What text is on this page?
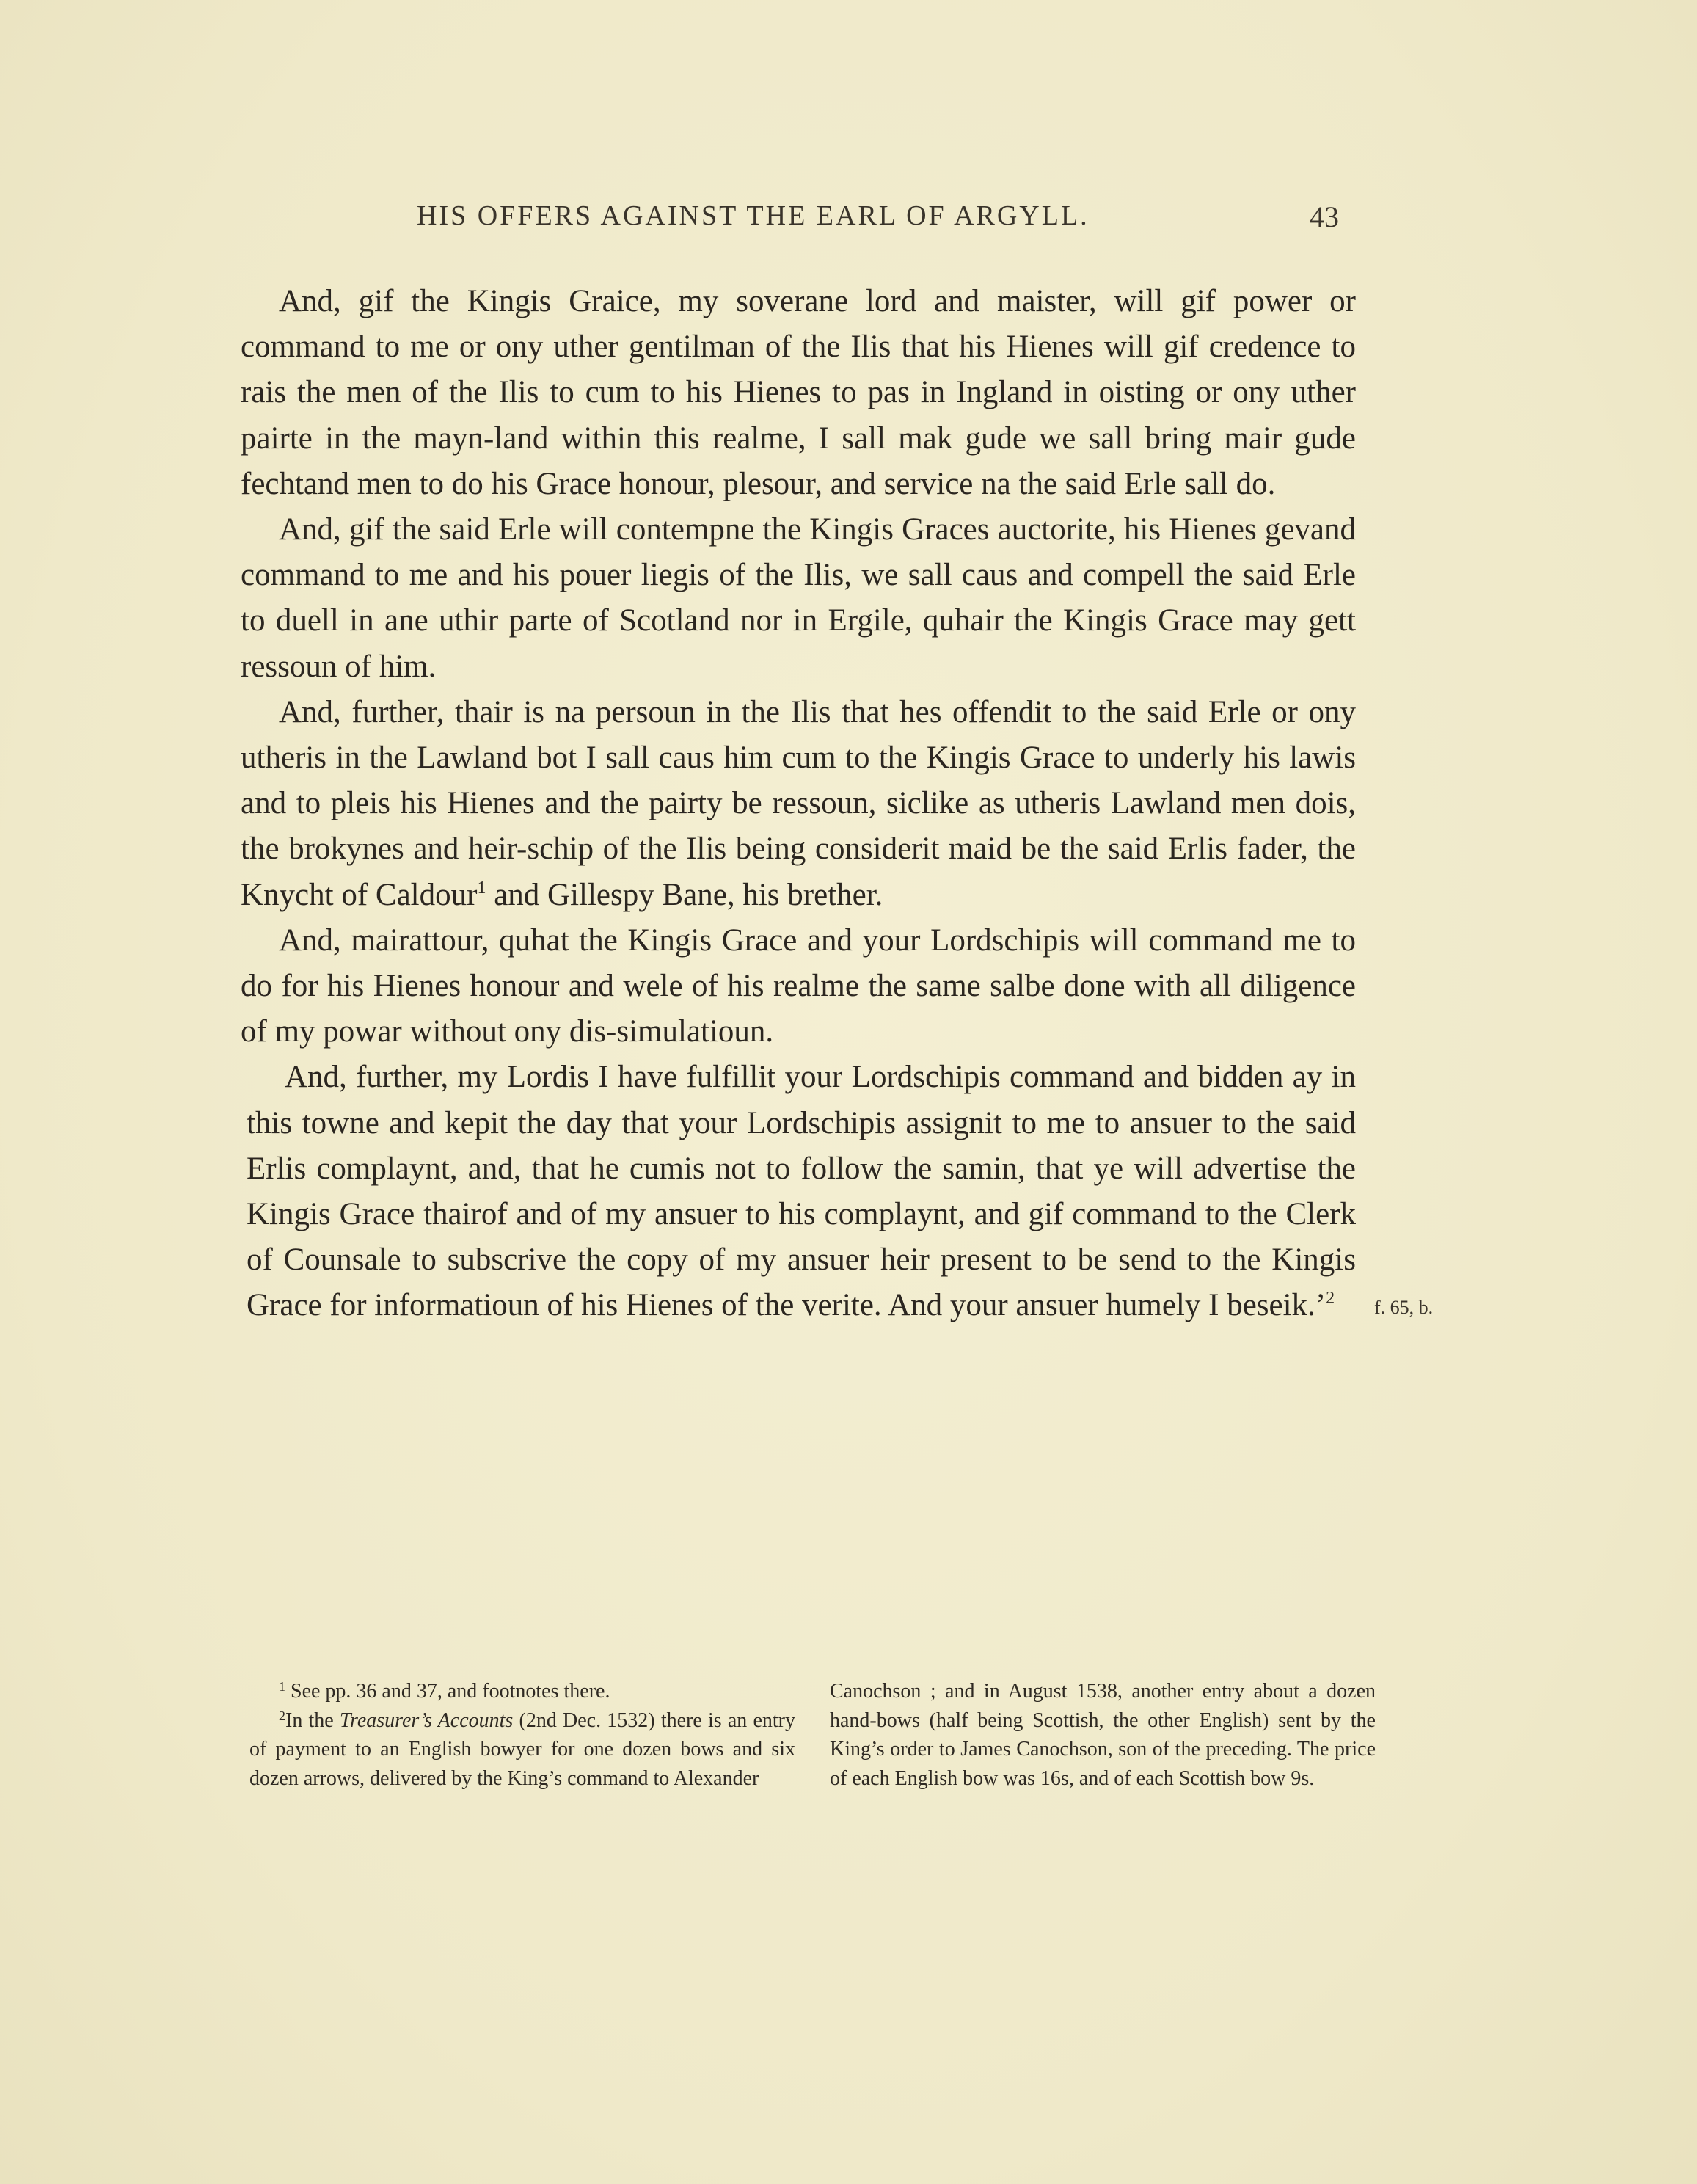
HIS OFFERS AGAINST THE EARL OF ARGYLL.	43

And, gif the Kingis Graice, my soverane lord and maister, will gif power or command to me or ony uther gentilman of the Ilis that his Hienes will gif credence to rais the men of the Ilis to cum to his Hienes to pas in Ingland in oisting or ony uther pairte in the mayn-land within this realme, I sall mak gude we sall bring mair gude fechtand men to do his Grace honour, plesour, and service na the said Erle sall do.

And, gif the said Erle will contempne the Kingis Graces auctorite, his Hienes gevand command to me and his pouer liegis of the Ilis, we sall caus and compell the said Erle to duell in ane uthir parte of Scotland nor in Ergile, quhair the Kingis Grace may gett ressoun of him.

And, further, thair is na persoun in the Ilis that hes offendit to the said Erle or ony utheris in the Lawland bot I sall caus him cum to the Kingis Grace to underly his lawis and to pleis his Hienes and the pairty be ressoun, siclike as utheris Lawland men dois, the brokynes and heir-schip of the Ilis being considerit maid be the said Erlis fader, the Knycht of Caldour$^1$ and Gillespy Bane, his brether.

And, mairattour, quhat the Kingis Grace and your Lordschipis will command me to do for his Hienes honour and wele of his realme the same salbe done with all diligence of my powar without ony dis-simulatioun.

And, further, my Lordis I have fulfillit your Lordschipis command and bidden ay in this towne and kepit the day that your Lordschipis assignit to me to ansuer to the said Erlis complaynt, and, that he cumis not to follow the samin, that ye will advertise the Kingis Grace thairof and of my ansuer to his complaynt, and gif command to the Clerk of Counsale to subscrive the copy of my ansuer heir present to be send to the Kingis Grace for informatioun of his Hienes of the verite. And your ansuer humely I beseik.’$^2$	f. 65, b.

$^1$ See pp. 36 and 37, and footnotes there.

$^2$In the Treasurer’s Accounts (2nd Dec. 1532) there is an entry of payment to an English bowyer for one dozen bows and six dozen arrows, delivered by the King’s command to Alexander

Canochson ; and in August 1538, another entry about a dozen hand-bows (half being Scottish, the other English) sent by the King’s order to James Canochson, son of the preceding. The price of each English bow was 16s, and of each Scottish bow 9s.
